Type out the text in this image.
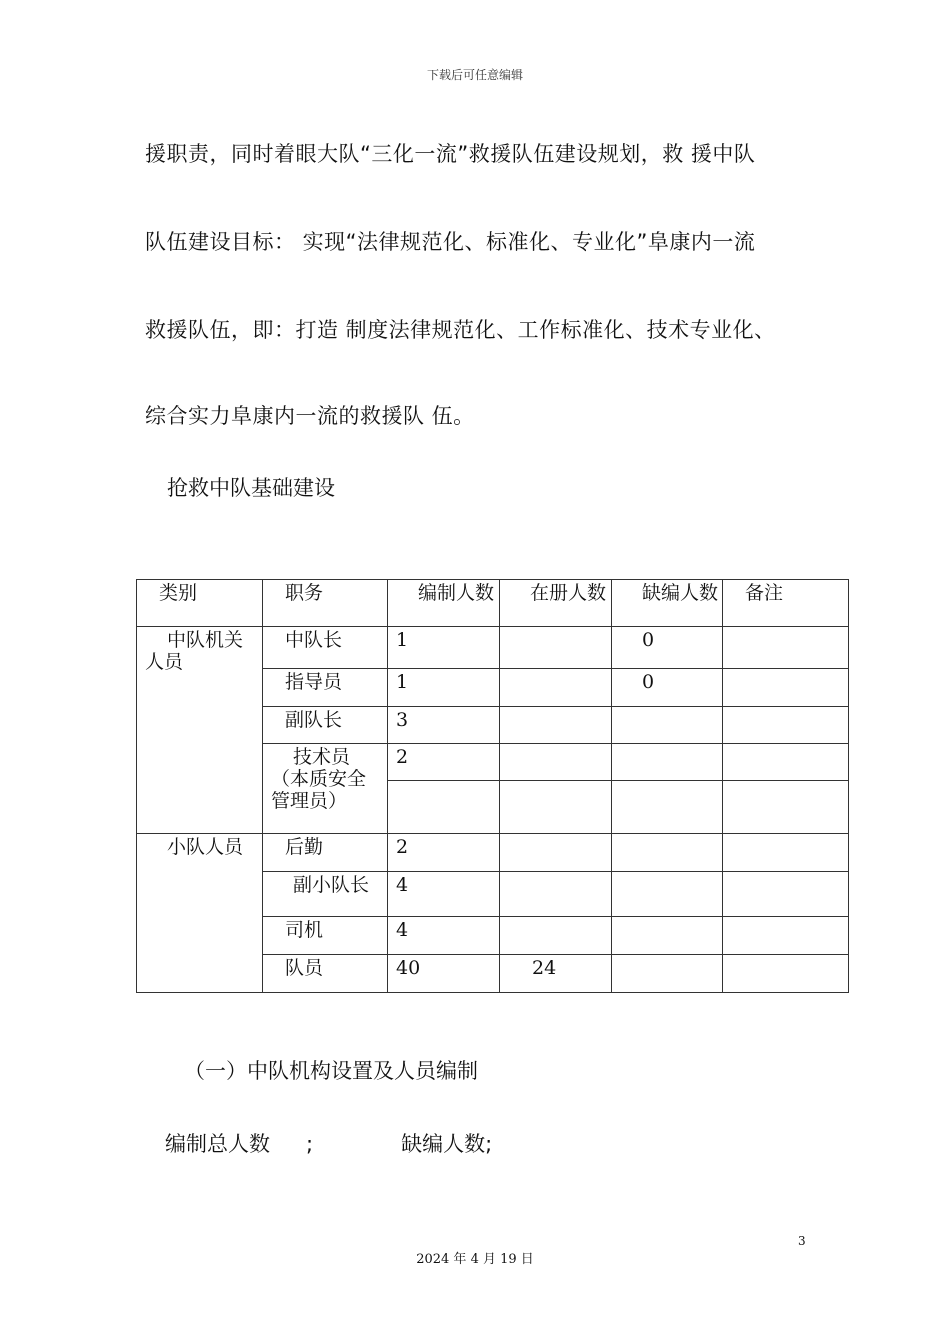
下载后可任意编辑
援职责，同时着眼大队“三化一流”救援队伍建设规划，救 援中队
队伍建设目标： 实现“法律规范化、标准化、专业化”阜康内一流
救援队伍，即：打造 制度法律规范化、工作标准化、技术专业化、
综合实力阜康内一流的救援队 伍。
抢救中队基础建设
类别	职务	编制人数	在册人数	缺编人数	备注
中队机关人员	中队长	1		0	
	指导员	1		0	
	副队长	3			
	技术员（本质安全管理员）	2			

小队人员	后勤	2			
	副小队长	4			
	司机	4			
	队员	40	24		
（一）中队机构设置及人员编制
编制总人数 ;	缺编人数;
3
2024 年 4 月 19 日
